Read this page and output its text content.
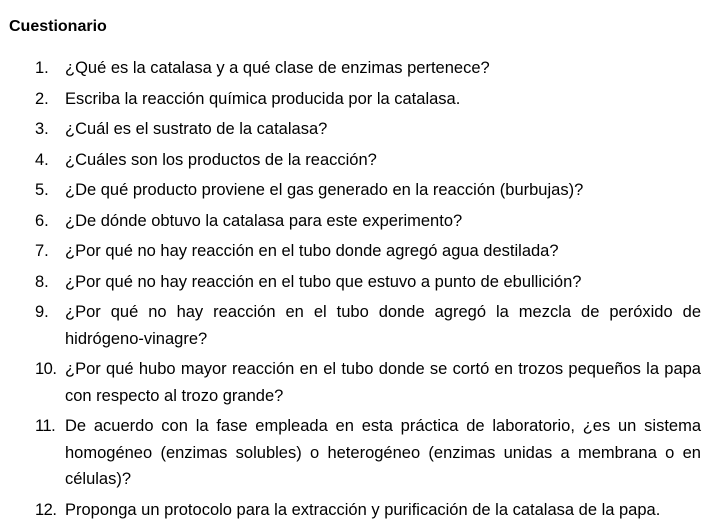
Cuestionario
1. ¿Qué es la catalasa y a qué clase de enzimas pertenece?
2. Escriba la reacción química producida por la catalasa.
3. ¿Cuál es el sustrato de la catalasa?
4. ¿Cuáles son los productos de la reacción?
5. ¿De qué producto proviene el gas generado en la reacción (burbujas)?
6. ¿De dónde obtuvo la catalasa para este experimento?
7. ¿Por qué no hay reacción en el tubo donde agregó agua destilada?
8. ¿Por qué no hay reacción en el tubo que estuvo a punto de ebullición?
9. ¿Por qué no hay reacción en el tubo donde agregó la mezcla de peróxido de hidrógeno-vinagre?
10. ¿Por qué hubo mayor reacción en el tubo donde se cortó en trozos pequeños la papa con respecto al trozo grande?
11. De acuerdo con la fase empleada en esta práctica de laboratorio, ¿es un sistema homogéneo (enzimas solubles) o heterogéneo (enzimas unidas a membrana o en células)?
12. Proponga un protocolo para la extracción y purificación de la catalasa de la papa.
